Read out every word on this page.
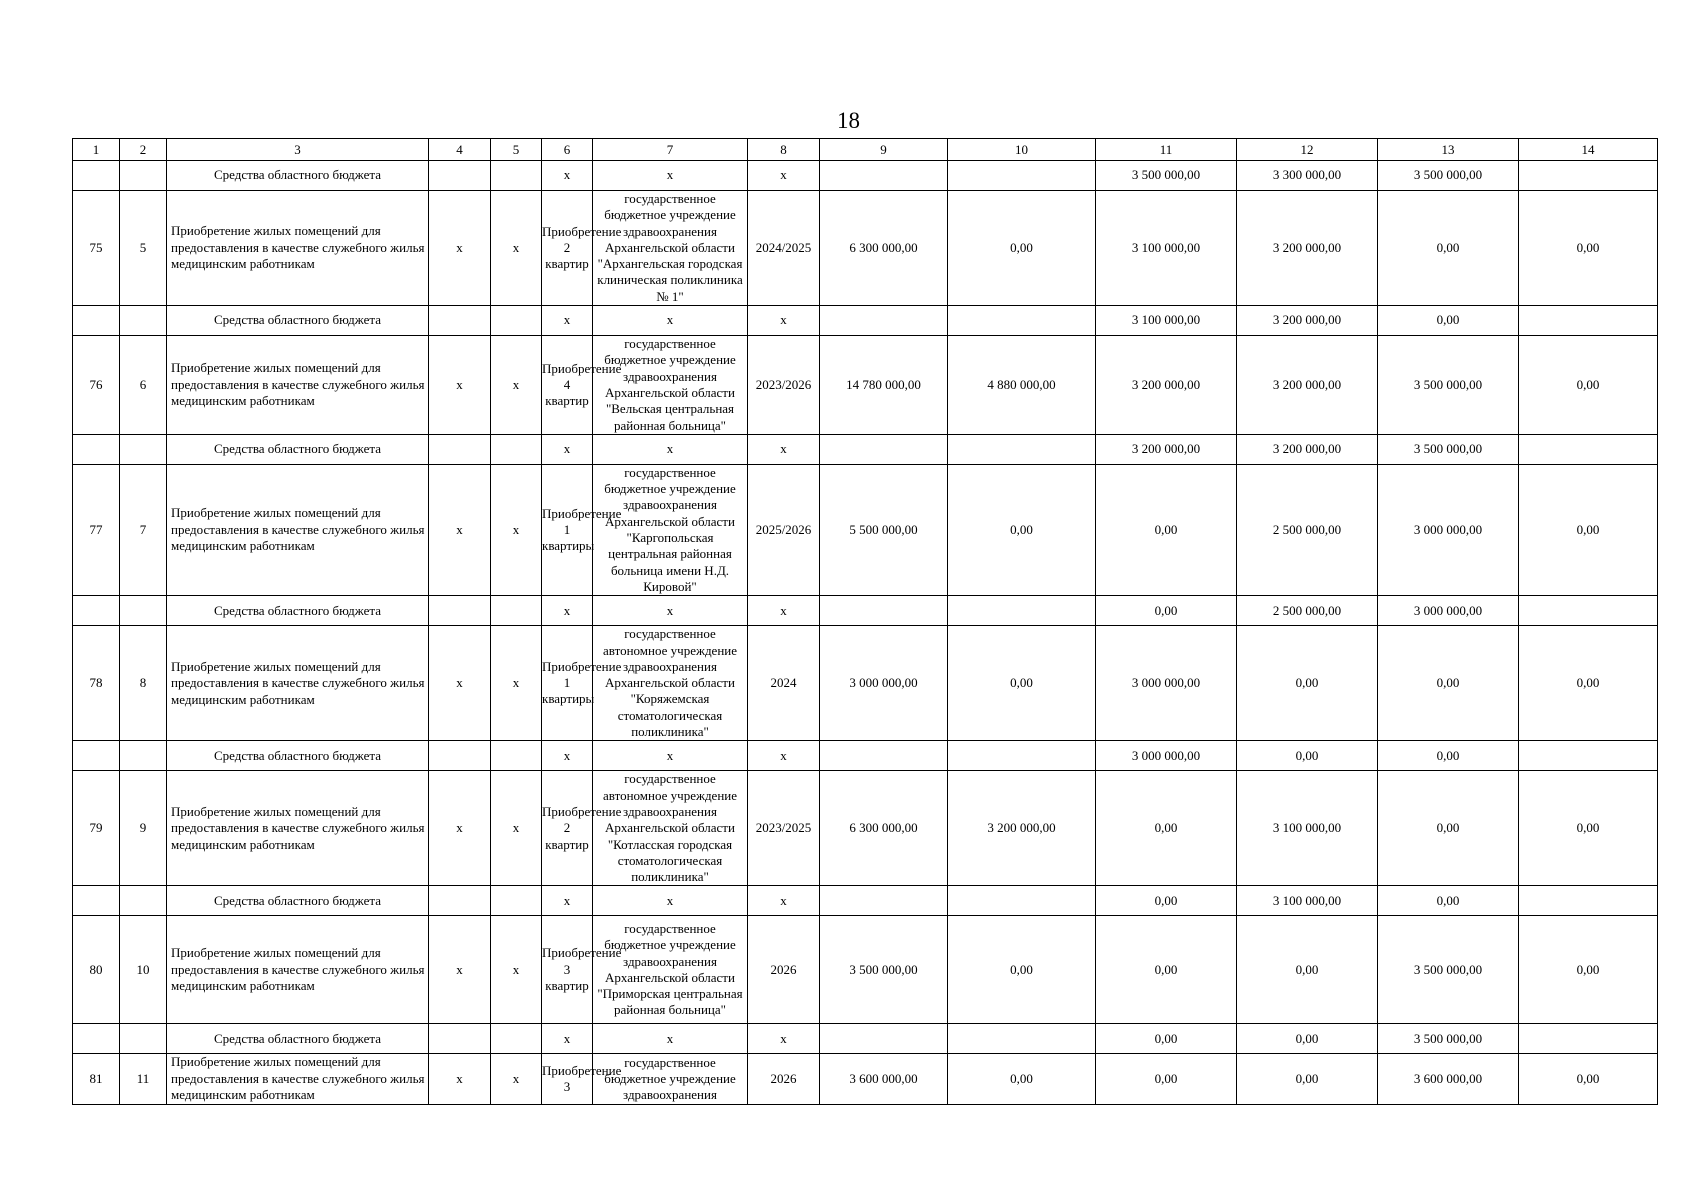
18
1	2	3	4	5	6	7	8	9	10	11	12	13	14
		Средства областного бюджета			х	х	х			3 500 000,00	3 300 000,00	3 500 000,00	
75	5	Приобретение жилых помещений для предоставления в качестве служебного жилья медицинским работникам	х	х	Приобретение 2 квартир	государственное бюджетное учреждение здравоохранения Архангельской области "Архангельская городская клиническая поликлиника № 1"	2024/2025	6 300 000,00	0,00	3 100 000,00	3 200 000,00	0,00	0,00
		Средства областного бюджета			х	х	х			3 100 000,00	3 200 000,00	0,00	
76	6	Приобретение жилых помещений для предоставления в качестве служебного жилья медицинским работникам	х	х	Приобретение 4 квартир	государственное бюджетное учреждение здравоохранения Архангельской области "Вельская центральная районная больница"	2023/2026	14 780 000,00	4 880 000,00	3 200 000,00	3 200 000,00	3 500 000,00	0,00
		Средства областного бюджета			х	х	х			3 200 000,00	3 200 000,00	3 500 000,00	
77	7	Приобретение жилых помещений для предоставления в качестве служебного жилья медицинским работникам	х	х	Приобретение 1 квартиры	государственное бюджетное учреждение здравоохранения Архангельской области "Каргопольская центральная районная больница имени Н.Д. Кировой"	2025/2026	5 500 000,00	0,00	0,00	2 500 000,00	3 000 000,00	0,00
		Средства областного бюджета			х	х	х			0,00	2 500 000,00	3 000 000,00	
78	8	Приобретение жилых помещений для предоставления в качестве служебного жилья медицинским работникам	х	х	Приобретение 1 квартиры	государственное автономное учреждение здравоохранения Архангельской области "Коряжемская стоматологическая поликлиника"	2024	3 000 000,00	0,00	3 000 000,00	0,00	0,00	0,00
		Средства областного бюджета			х	х	х			3 000 000,00	0,00	0,00	
79	9	Приобретение жилых помещений для предоставления в качестве служебного жилья медицинским работникам	х	х	Приобретение 2 квартир	государственное автономное учреждение здравоохранения Архангельской области "Котласская городская стоматологическая поликлиника"	2023/2025	6 300 000,00	3 200 000,00	0,00	3 100 000,00	0,00	0,00
		Средства областного бюджета			х	х	х			0,00	3 100 000,00	0,00	
80	10	Приобретение жилых помещений для предоставления в качестве служебного жилья медицинским работникам	х	х	Приобретение 3 квартир	государственное бюджетное учреждение здравоохранения Архангельской области "Приморская центральная районная больница"	2026	3 500 000,00	0,00	0,00	0,00	3 500 000,00	0,00
		Средства областного бюджета			х	х	х			0,00	0,00	3 500 000,00	
81	11	Приобретение жилых помещений для предоставления в качестве служебного жилья медицинским работникам	х	х	Приобретение 3	государственное бюджетное учреждение здравоохранения	2026	3 600 000,00	0,00	0,00	0,00	3 600 000,00	0,00
